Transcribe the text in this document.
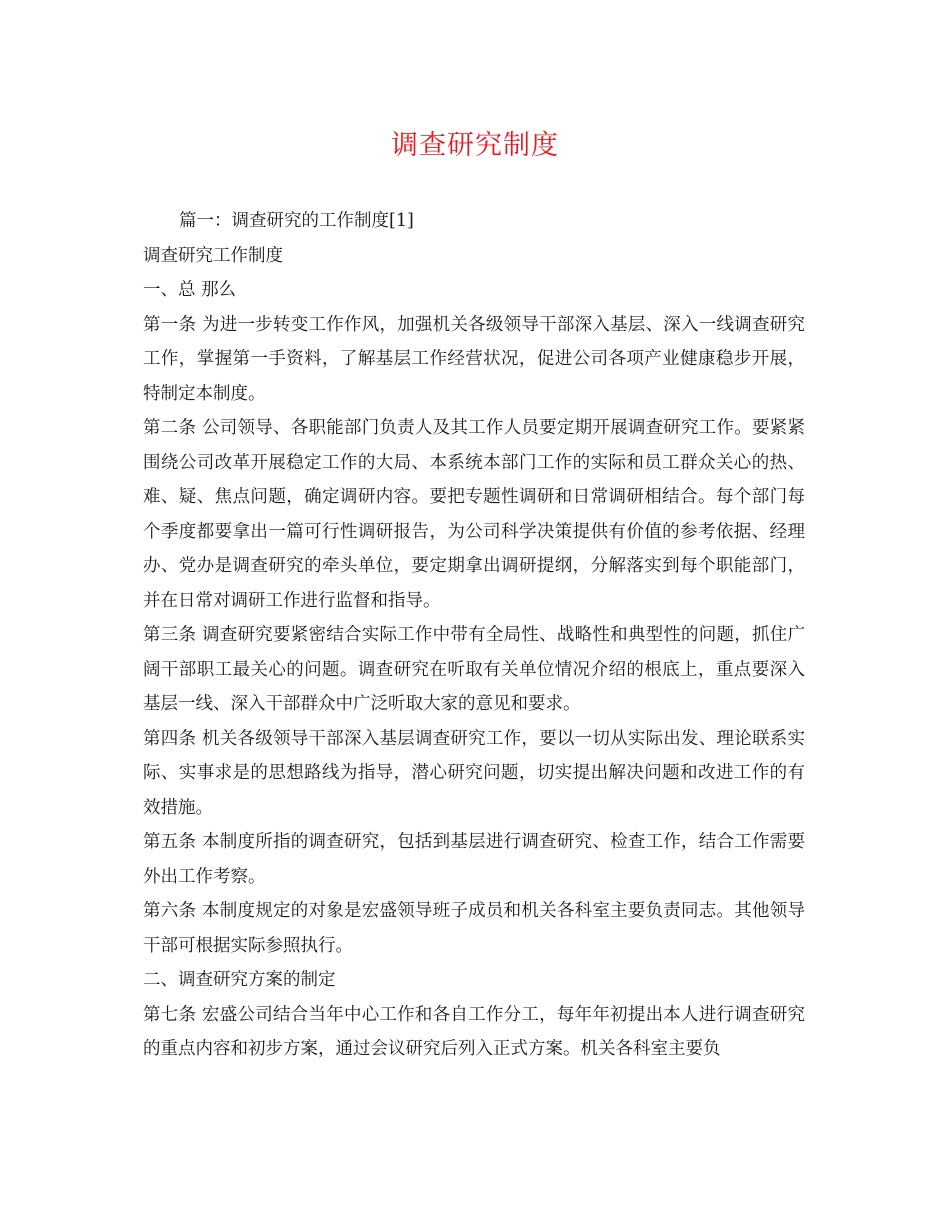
调查研究制度

篇一：调查研究的工作制度[1]

调查研究工作制度

一、总 那么

第一条 为进一步转变工作作风，加强机关各级领导干部深入基层、深入一线调查研究工作，掌握第一手资料，了解基层工作经营状况，促进公司各项产业健康稳步开展，特制定本制度。

第二条 公司领导、各职能部门负责人及其工作人员要定期开展调查研究工作。要紧紧围绕公司改革开展稳定工作的大局、本系统本部门工作的实际和员工群众关心的热、难、疑、焦点问题，确定调研内容。要把专题性调研和日常调研相结合。每个部门每个季度都要拿出一篇可行性调研报告，为公司科学决策提供有价值的参考依据、经理办、党办是调查研究的牵头单位，要定期拿出调研提纲，分解落实到每个职能部门，并在日常对调研工作进行监督和指导。

第三条 调查研究要紧密结合实际工作中带有全局性、战略性和典型性的问题，抓住广阔干部职工最关心的问题。调查研究在听取有关单位情况介绍的根底上，重点要深入基层一线、深入干部群众中广泛听取大家的意见和要求。

第四条 机关各级领导干部深入基层调查研究工作，要以一切从实际出发、理论联系实际、实事求是的思想路线为指导，潜心研究问题，切实提出解决问题和改进工作的有效措施。

第五条 本制度所指的调查研究，包括到基层进行调查研究、检查工作，结合工作需要外出工作考察。

第六条 本制度规定的对象是宏盛领导班子成员和机关各科室主要负责同志。其他领导干部可根据实际参照执行。

二、调查研究方案的制定

第七条 宏盛公司结合当年中心工作和各自工作分工，每年年初提出本人进行调查研究的重点内容和初步方案，通过会议研究后列入正式方案。机关各科室主要负
